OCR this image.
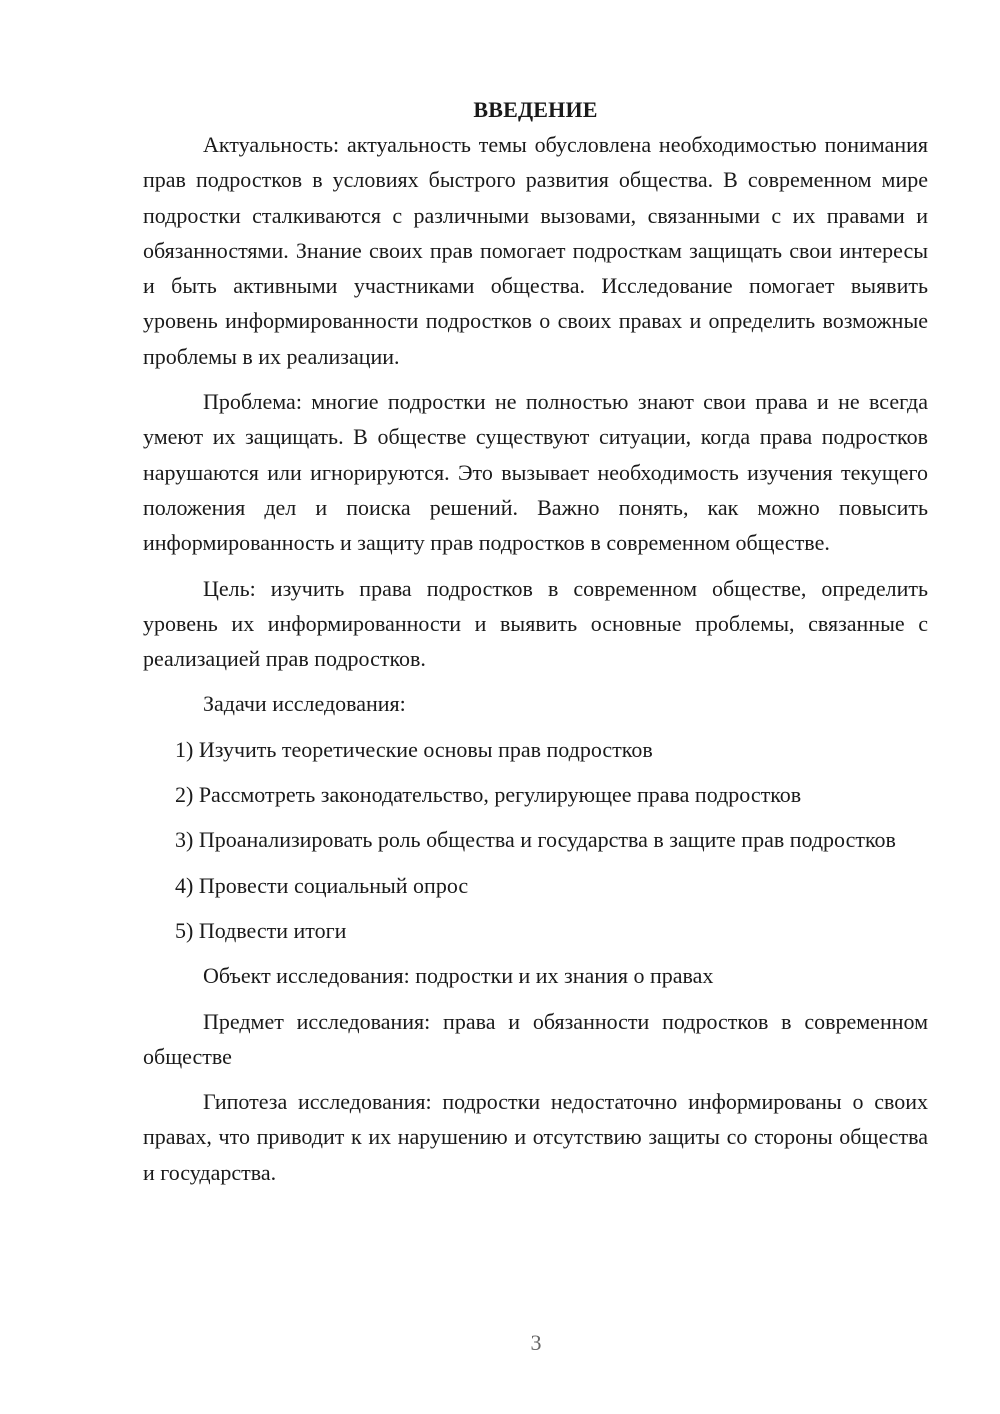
ВВЕДЕНИЕ

Актуальность: актуальность темы обусловлена необходимостью понимания прав подростков в условиях быстрого развития общества. В современном мире подростки сталкиваются с различными вызовами, связанными с их правами и обязанностями. Знание своих прав помогает подросткам защищать свои интересы и быть активными участниками общества. Исследование помогает выявить уровень информированности подростков о своих правах и определить возможные проблемы в их реализации.

Проблема: многие подростки не полностью знают свои права и не всегда умеют их защищать. В обществе существуют ситуации, когда права подростков нарушаются или игнорируются. Это вызывает необходимость изучения текущего положения дел и поиска решений. Важно понять, как можно повысить информированность и защиту прав подростков в современном обществе.

Цель: изучить права подростков в современном обществе, определить уровень их информированности и выявить основные проблемы, связанные с реализацией прав подростков.

Задачи исследования:

1) Изучить теоретические основы прав подростков

2) Рассмотреть законодательство, регулирующее права подростков

3) Проанализировать роль общества и государства в защите прав подростков

4) Провести социальный опрос

5) Подвести итоги

Объект исследования: подростки и их знания о правах

Предмет исследования: права и обязанности подростков в современном обществе

Гипотеза исследования: подростки недостаточно информированы о своих правах, что приводит к их нарушению и отсутствию защиты со стороны общества и государства.

3
